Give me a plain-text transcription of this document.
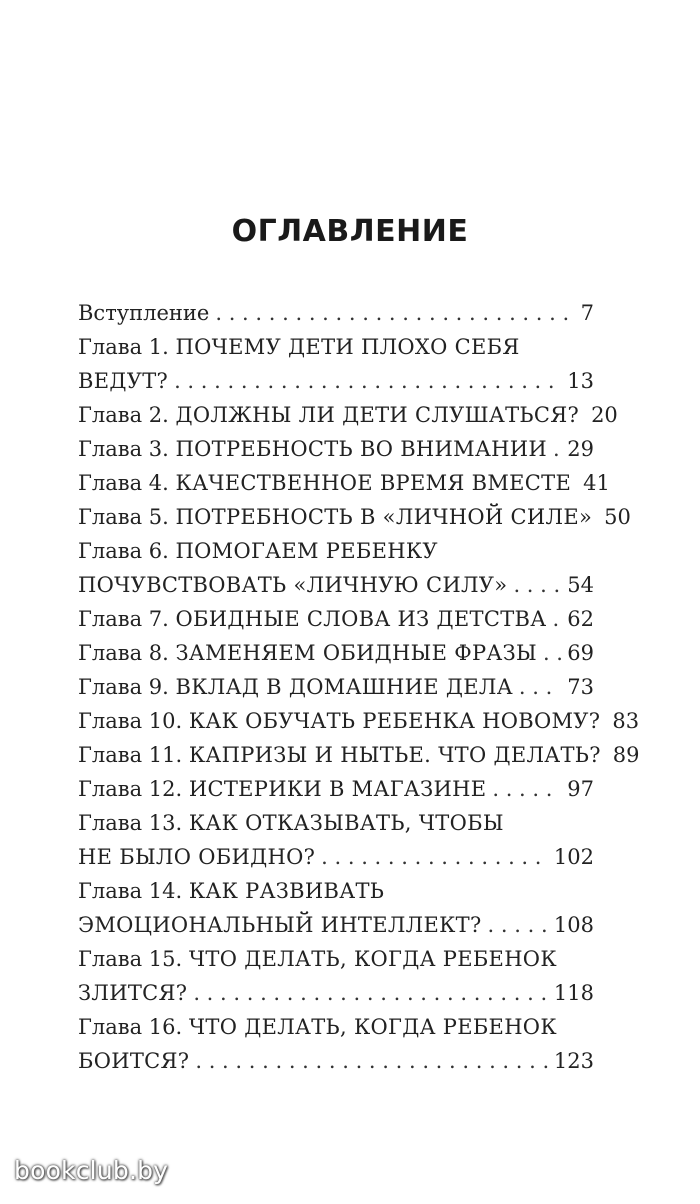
ОГЛАВЛЕНИЕ
Вступление . . .	7
Глава 1. ПОЧЕМУ ДЕТИ ПЛОХО СЕБЯ
ВЕДУТ? . . .	13
Глава 2. ДОЛЖНЫ ЛИ ДЕТИ СЛУШАТЬСЯ? 20
Глава 3. ПОТРЕБНОСТЬ ВО ВНИМАНИИ . . . 29
Глава 4. КАЧЕСТВЕННОЕ ВРЕМЯ ВМЕСТЕ 41
Глава 5. ПОТРЕБНОСТЬ В «ЛИЧНОЙ СИЛЕ» 50
Глава 6. ПОМОГАЕМ РЕБЕНКУ
ПОЧУВСТВОВАТЬ «ЛИЧНУЮ СИЛУ» . . .	54
Глава 7. ОБИДНЫЕ СЛОВА ИЗ ДЕТСТВА . . . 62
Глава 8. ЗАМЕНЯЕМ ОБИДНЫЕ ФРАЗЫ . . . 69
Глава 9. ВКЛАД В ДОМАШНИЕ ДЕЛА . . .	73
Глава 10. КАК ОБУЧАТЬ РЕБЕНКА НОВОМУ? 83
Глава 11. КАПРИЗЫ И НЫТЬЕ. ЧТО ДЕЛАТЬ? 89
Глава 12. ИСТЕРИКИ В МАГАЗИНЕ . . .	97
Глава 13. КАК ОТКАЗЫВАТЬ, ЧТОБЫ
НЕ БЫЛО ОБИДНО? . . .	102
Глава 14. КАК РАЗВИВАТЬ
ЭМОЦИОНАЛЬНЫЙ ИНТЕЛЛЕКТ? . . .	108
Глава 15. ЧТО ДЕЛАТЬ, КОГДА РЕБЕНОК
ЗЛИТСЯ? . . .	118
Глава 16. ЧТО ДЕЛАТЬ, КОГДА РЕБЕНОК
БОИТСЯ? . . .	123
bookclub.by
